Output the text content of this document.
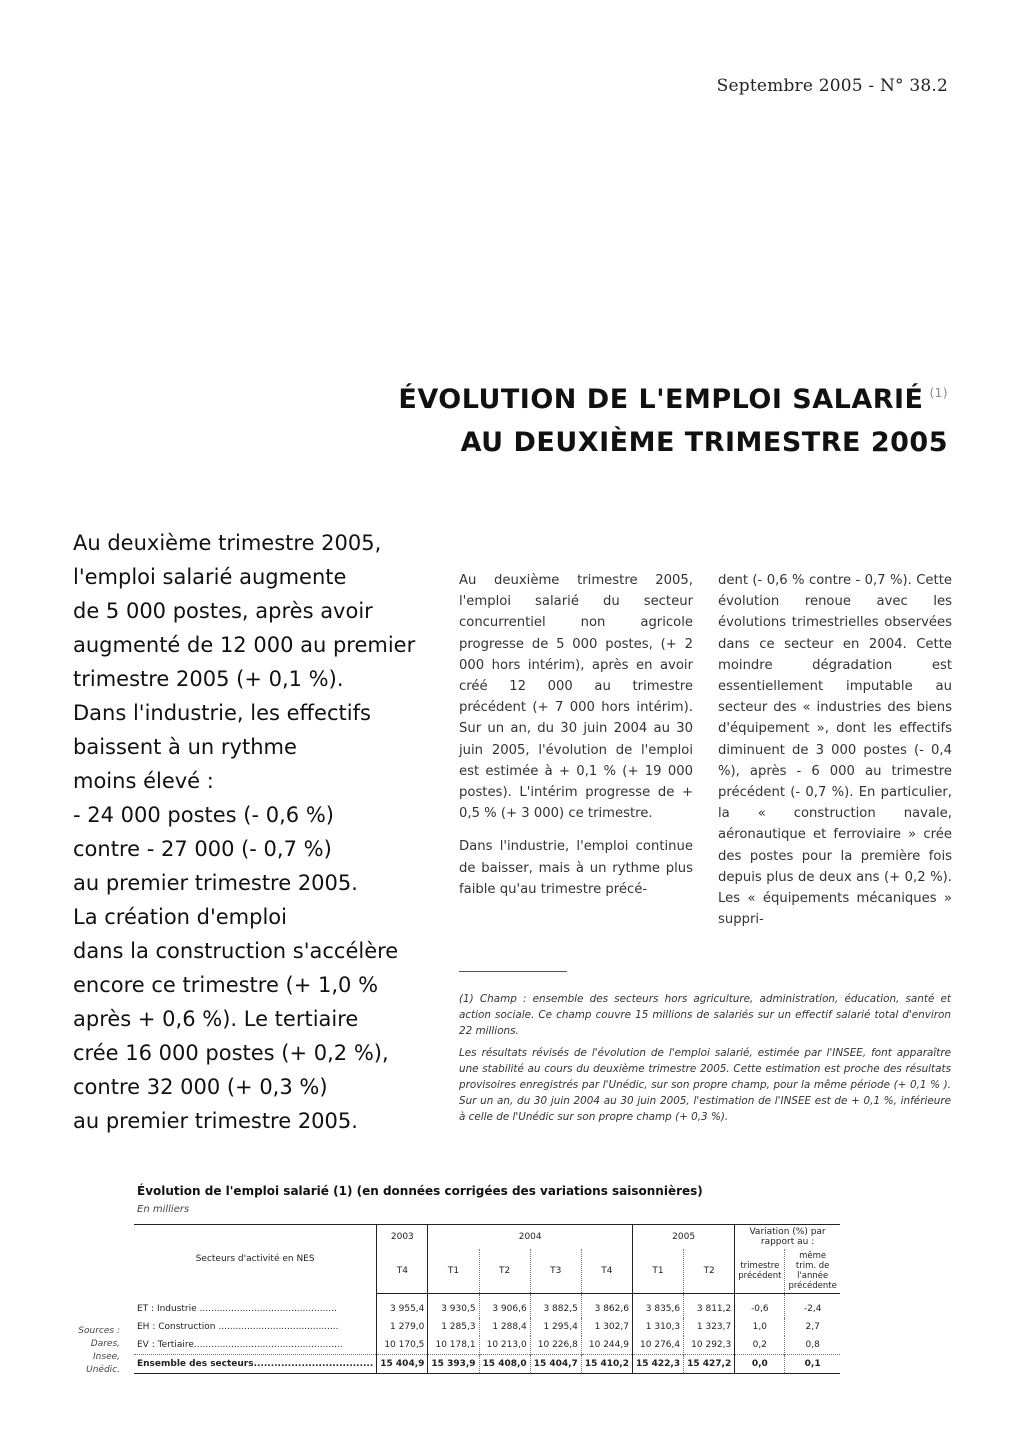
Septembre 2005 - N° 38.2
ÉVOLUTION DE L'EMPLOI SALARIÉ $^{(1)}$
AU DEUXIÈME TRIMESTRE 2005
Au deuxième trimestre 2005,
l'emploi salarié augmente
de 5 000 postes, après avoir
augmenté de 12 000 au premier
trimestre 2005 (+ 0,1 %).
Dans l'industrie, les effectifs
baissent à un rythme
moins élevé :
- 24 000 postes (- 0,6 %)
contre - 27 000 (- 0,7 %)
au premier trimestre 2005.
La création d'emploi
dans la construction s'accélère
encore ce trimestre (+ 1,0 %
après + 0,6 %). Le tertiaire
crée 16 000 postes (+ 0,2 %),
contre 32 000 (+ 0,3 %)
au premier trimestre 2005.

Au deuxième trimestre 2005, l'emploi salarié du secteur concurrentiel non agricole progresse de 5 000 postes, (+ 2 000 hors intérim), après en avoir créé 12 000 au trimestre précédent (+ 7 000 hors intérim). Sur un an, du 30 juin 2004 au 30 juin 2005, l'évolution de l'emploi est estimée à + 0,1 % (+ 19 000 postes). L'intérim progresse de + 0,5 % (+ 3 000) ce trimestre.

Dans l'industrie, l'emploi continue de baisser, mais à un rythme plus faible qu'au trimestre précé-

dent (- 0,6 % contre - 0,7 %). Cette évolution renoue avec les évolutions trimestrielles observées dans ce secteur en 2004. Cette moindre dégradation est essentiellement imputable au secteur des « industries des biens d'équipement », dont les effectifs diminuent de 3 000 postes (- 0,4 %), après - 6 000 au trimestre précédent (- 0,7 %). En particulier, la « construction navale, aéronautique et ferroviaire » crée des postes pour la première fois depuis plus de deux ans (+ 0,2 %). Les « équipements mécaniques » suppri-

(1) Champ : ensemble des secteurs hors agriculture, administration, éducation, santé et action sociale. Ce champ couvre 15 millions de salariés sur un effectif salarié total d'environ 22 millions.

Les résultats révisés de l'évolution de l'emploi salarié, estimée par l'INSEE, font apparaître une stabilité au cours du deuxième trimestre 2005. Cette estimation est proche des résultats provisoires enregistrés par l'Unédic, sur son propre champ, pour la même période (+ 0,1 % ). Sur un an, du 30 juin 2004 au 30 juin 2005, l'estimation de l'INSEE est de + 0,1 %, inférieure à celle de l'Unédic sur son propre champ (+ 0,3 %).

Évolution de l'emploi salarié (1) (en données corrigées des variations saisonnières)
En milliers
Sources :
Dares,
Insee,
Unédic.
Secteurs d'activité en NES	2003	2004				2005		Variation (%) par rapport au :	
	T4	T1	T2	T3	T4	T1	T2	trimestre précédent	même trim. de l'année précédente
ET : Industrie ................................................	3 955,4	3 930,5	3 906,6	3 882,5	3 862,6	3 835,6	3 811,2	-0,6	-2,4
EH : Construction ..........................................	1 279,0	1 285,3	1 288,4	1 295,4	1 302,7	1 310,3	1 323,7	1,0	2,7
EV : Tertiaire....................................................	10 170,5	10 178,1	10 213,0	10 226,8	10 244,9	10 276,4	10 292,3	0,2	0,8
Ensemble des secteurs...................................	15 404,9	15 393,9	15 408,0	15 404,7	15 410,2	15 422,3	15 427,2	0,0	0,1
